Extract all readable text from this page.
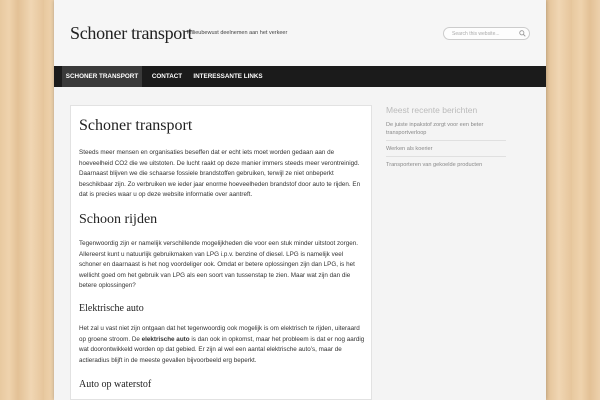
Schoner transport
Milieubewust deelnemen aan het verkeer	Search this website...
SCHONER TRANSPORT	CONTACT	INTERESSANTE LINKS
Schoner transport

Steeds meer mensen en organisaties beseffen dat er echt iets moet worden gedaan aan de hoeveelheid CO2 die we uitstoten. De lucht raakt op deze manier immers steeds meer verontreinigd. Daarnaast blijven we die schaarse fossiele brandstoffen gebruiken, terwijl ze niet onbeperkt beschikbaar zijn. Zo verbruiken we ieder jaar enorme hoeveelheden brandstof door auto te rijden. En dat is precies waar u op deze website informatie over aantreft.

Schoon rijden

Tegenwoordig zijn er namelijk verschillende mogelijkheden die voor een stuk minder uitstoot zorgen. Allereerst kunt u natuurlijk gebruikmaken van LPG i.p.v. benzine of diesel. LPG is namelijk veel schoner en daarnaast is het nog voordeliger ook. Omdat er betere oplossingen zijn dan LPG, is het wellicht goed om het gebruik van LPG als een soort van tussenstap te zien. Maar wat zijn dan die betere oplossingen?

Elektrische auto

Het zal u vast niet zijn ontgaan dat het tegenwoordig ook mogelijk is om elektrisch te rijden, uiteraard op groene stroom. De elektrische auto is dan ook in opkomst, maar het probleem is dat er nog aardig wat doorontwikkeld worden op dat gebied. Er zijn al wel een aantal elektrische auto’s, maar de actieradius blijft in de meeste gevallen bijvoorbeeld erg beperkt.

Auto op waterstof
Meest recente berichten
De juiste inpakstof zorgt voor een beter transportverloop
Werken als koerier
Transporteren van gekoelde producten
